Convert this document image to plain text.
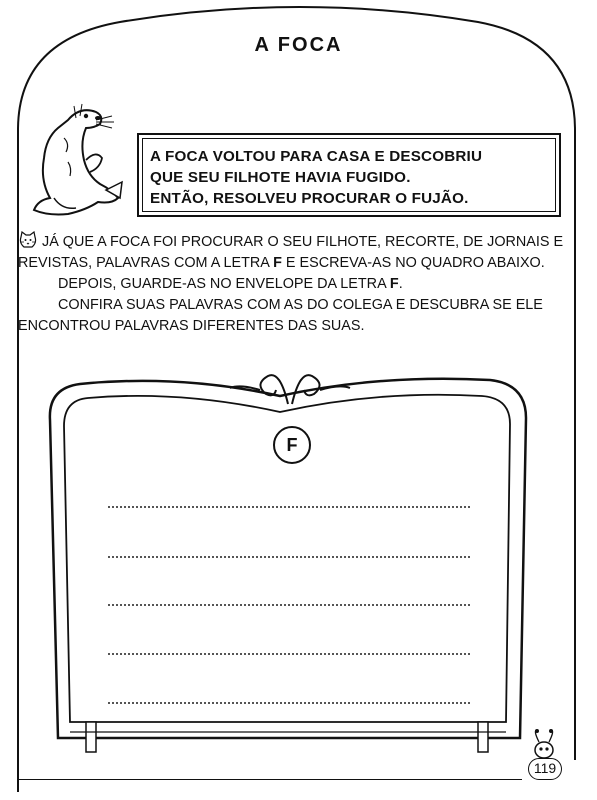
A FOCA
A FOCA VOLTOU PARA CASA E DESCOBRIU
QUE SEU FILHOTE HAVIA FUGIDO.
ENTÃO, RESOLVEU PROCURAR O FUJÃO.

JÁ QUE A FOCA FOI PROCURAR O SEU FILHOTE, RECORTE, DE JORNAIS E REVISTAS, PALAVRAS COM A LETRA F E ESCREVA-AS NO QUADRO ABAIXO.

DEPOIS, GUARDE-AS NO ENVELOPE DA LETRA F.

CONFIRA SUAS PALAVRAS COM AS DO COLEGA E DESCUBRA SE ELE ENCONTROU PALAVRAS DIFERENTES DAS SUAS.

F
119
